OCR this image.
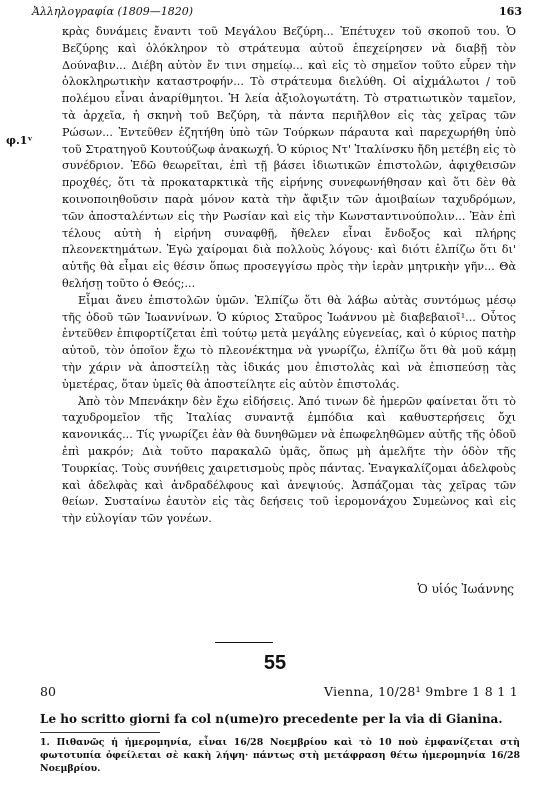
Ἀλληλογραφία (1809—1820)	163
φ.1ᵛ

κρὰς δυνάμεις ἔναντι τοῦ Μεγάλου Βεζύρη... Ἐπέτυχεν τοῦ σκοποῦ του. Ὁ Βεζύρης καὶ ὁλόκληρον τὸ στράτευμα αὐτοῦ ἐπεχείρησεν νὰ διαβῇ τὸν Δούναβιν... Διέβη αὐτὸν ἔν τινι σημείῳ... καὶ εἰς τὸ σημεῖον τοῦτο εὗρεν τὴν ὁλοκληρωτικὴν καταστροφήν... Τὸ στράτευμα διελύθη. Οἱ αἰχμάλωτοι / τοῦ πολέμου εἶναι ἀναρίθμητοι. Ἡ λεία ἀξιολογωτάτη. Τὸ στρατιωτικὸν ταμεῖον, τὰ ἀρχεῖα, ἡ σκηνὴ τοῦ Βεζύρη, τὰ πάντα περιῆλθον εἰς τὰς χεῖρας τῶν Ρώσων... Ἐντεῦθεν ἐζητήθη ὑπὸ τῶν Τούρκων πάραυτα καὶ παρεχωρήθη ὑπὸ τοῦ Στρατηγοῦ Κουτούζωφ ἀνακωχή. Ὁ κύριος Ντ' Ἰταλίνσκυ ἤδη μετέβη εἰς τὸ συνέδριον. Ἐδῶ θεωρεῖται, ἐπὶ τῇ βάσει ἰδιωτικῶν ἐπιστολῶν, ἀφιχθεισῶν προχθές, ὅτι τὰ προκαταρκτικὰ τῆς εἰρήνης συνεφωνήθησαν καὶ ὅτι δὲν θὰ κοινοποιηθοῦσιν παρὰ μόνον κατὰ τὴν ἄφιξιν τῶν ἀμοιβαίων ταχυδρόμων, τῶν ἀποσταλέντων εἰς τὴν Ρωσίαν καὶ εἰς τὴν Κωνσταντινούπολιν... Ἐὰν ἐπὶ τέλους αὐτὴ ἡ εἰρήνη συναφθῇ, ἤθελεν εἶναι ἔνδοξος καὶ πλήρης πλεονεκτημάτων. Ἐγὼ χαίρομαι διὰ πολλοὺς λόγους· καὶ διότι ἐλπίζω ὅτι δι' αὐτῆς θὰ εἶμαι εἰς θέσιν ὅπως προσεγγίσω πρὸς τὴν ἱερὰν μητρικὴν γῆν... Θὰ θελήσῃ τοῦτο ὁ Θεός;...

Εἶμαι ἄνευ ἐπιστολῶν ὑμῶν. Ἐλπίζω ὅτι θὰ λάβω αὐτὰς συντόμως μέσῳ τῆς ὁδοῦ τῶν Ἰωαννίνων. Ὁ κύριος Σταῦρος Ἰωάννου μὲ διαβεβαιοῖ¹... Οὗτος ἐντεῦθεν ἐπιφορτίζεται ἐπὶ τούτῳ μετὰ μεγάλης εὐγενείας, καὶ ὁ κύριος πατὴρ αὐτοῦ, τὸν ὁποῖον ἔχω τὸ πλεονέκτημα νὰ γνωρίζω, ἐλπίζω ὅτι θὰ μοῦ κάμῃ τὴν χάριν νὰ ἀποστείλῃ τὰς ἰδικάς μου ἐπιστολὰς καὶ νὰ ἐπισπεύσῃ τὰς ὑμετέρας, ὅταν ὑμεῖς θὰ ἀποστείλητε εἰς αὐτὸν ἐπιστολάς.

Ἀπὸ τὸν Μπενάκην δὲν ἔχω εἰδήσεις. Ἀπό τινων δὲ ἡμερῶν φαίνεται ὅτι τὸ ταχυδρομεῖον τῆς Ἰταλίας συναντᾷ ἐμπόδια καὶ καθυστερήσεις ὄχι κανονικάς... Τίς γνωρίζει ἐὰν θὰ δυνηθῶμεν νὰ ἐπωφεληθῶμεν αὐτῆς τῆς ὁδοῦ ἐπὶ μακρόν; Διὰ τοῦτο παρακαλῶ ὑμᾶς, ὅπως μὴ ἀμελῆτε τὴν ὁδὸν τῆς Τουρκίας. Τοὺς συνήθεις χαιρετισμοὺς πρὸς πάντας. Ἐναγκαλίζομαι ἀδελφοὺς καὶ ἀδελφὰς καὶ ἀνδραδέλφους καὶ ἀνεψιούς. Ἀσπάζομαι τὰς χεῖρας τῶν θείων. Συσταίνω ἑαυτὸν εἰς τὰς δεήσεις τοῦ ἱερομονάχου Συμεὼνος καὶ εἰς τὴν εὐλογίαν τῶν γονέων.

Ὁ υἱός Ἰωάννης
55
80	Vienna, 10/28¹ 9mbre 1 8 1 1
Le ho scritto giorni fa col n(ume)ro precedente per la via di Gianina.
1. Πιθανῶς ἡ ἡμερομηνία, εἶναι 16/28 Νοεμβρίου καὶ τὸ 10 ποὺ ἐμφανίζεται στὴ φωτοτυπία ὀφείλεται σὲ κακὴ λήψη· πάντως στὴ μετάφραση θέτω ἡμερομηνία 16/28 Νοεμβρίου.
